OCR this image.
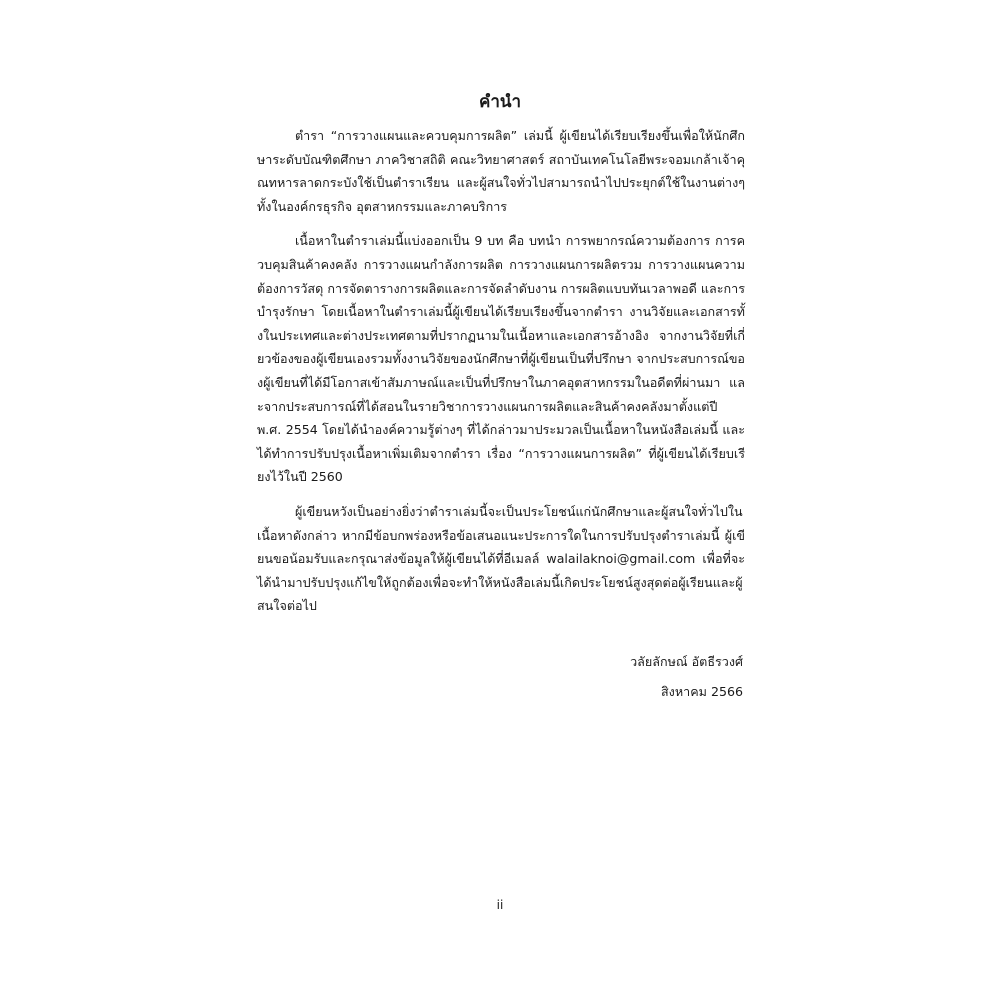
คำนำ

ตำรา “การวางแผนและควบคุมการผลิต” เล่มนี้ ผู้เขียนได้เรียบเรียงขึ้นเพื่อให้นักศึกษาระดับบัณฑิตศึกษา ภาควิชาสถิติ คณะวิทยาศาสตร์ สถาบันเทคโนโลยีพระจอมเกล้าเจ้าคุณทหารลาดกระบังใช้เป็นตำราเรียน และผู้สนใจทั่วไปสามารถนำไปประยุกต์ใช้ในงานต่างๆ ทั้งในองค์กรธุรกิจ อุตสาหกรรมและภาคบริการ

เนื้อหาในตำราเล่มนี้แบ่งออกเป็น 9 บท คือ บทนำ การพยากรณ์ความต้องการ การควบคุมสินค้าคงคลัง การวางแผนกำลังการผลิต การวางแผนการผลิตรวม การวางแผนความต้องการวัสดุ การจัดตารางการผลิตและการจัดลำดับงาน การผลิตแบบทันเวลาพอดี และการบำรุงรักษา โดยเนื้อหาในตำราเล่มนี้ผู้เขียนได้เรียบเรียงขึ้นจากตำรา งานวิจัยและเอกสารทั้งในประเทศและต่างประเทศตามที่ปรากฏนามในเนื้อหาและเอกสารอ้างอิง จากงานวิจัยที่เกี่ยวข้องของผู้เขียนเองรวมทั้งงานวิจัยของนักศึกษาที่ผู้เขียนเป็นที่ปรึกษา จากประสบการณ์ของผู้เขียนที่ได้มีโอกาสเข้าสัมภาษณ์และเป็นที่ปรึกษาในภาคอุตสาหกรรมในอดีตที่ผ่านมา และจากประสบการณ์ที่ได้สอนในรายวิชาการวางแผนการผลิตและสินค้าคงคลังมาตั้งแต่ปี พ.ศ. 2554 โดยได้นำองค์ความรู้ต่างๆ ที่ได้กล่าวมาประมวลเป็นเนื้อหาในหนังสือเล่มนี้ และได้ทำการปรับปรุงเนื้อหาเพิ่มเติมจากตำรา เรื่อง “การวางแผนการผลิต” ที่ผู้เขียนได้เรียบเรียงไว้ในปี 2560

ผู้เขียนหวังเป็นอย่างยิ่งว่าตำราเล่มนี้จะเป็นประโยชน์แก่นักศึกษาและผู้สนใจทั่วไปในเนื้อหาดังกล่าว หากมีข้อบกพร่องหรือข้อเสนอแนะประการใดในการปรับปรุงตำราเล่มนี้ ผู้เขียนขอน้อมรับและกรุณาส่งข้อมูลให้ผู้เขียนได้ที่อีเมลล์ walailaknoi@gmail.com เพื่อที่จะได้นำมาปรับปรุงแก้ไขให้ถูกต้องเพื่อจะทำให้หนังสือเล่มนี้เกิดประโยชน์สูงสุดต่อผู้เรียนและผู้สนใจต่อไป

วลัยลักษณ์ อัตธีรวงศ์
สิงหาคม 2566
ii
